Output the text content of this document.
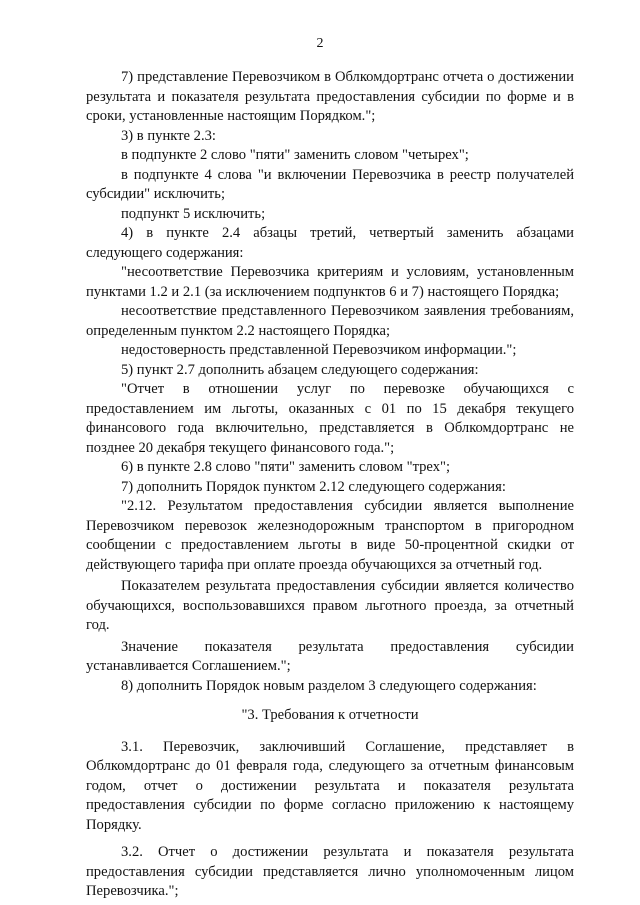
2

7) представление Перевозчиком в Облкомдортранс отчета о достижении результата и показателя результата предоставления субсидии по форме и в сроки, установленные настоящим Порядком.";

3) в пункте 2.3:

в подпункте 2 слово "пяти" заменить словом "четырех";

в подпункте 4 слова "и включении Перевозчика в реестр получателей субсидии" исключить;

подпункт 5 исключить;

4) в пункте 2.4 абзацы третий, четвертый заменить абзацами следующего содержания:

"несоответствие Перевозчика критериям и условиям, установленным пунктами 1.2 и 2.1 (за исключением подпунктов 6 и 7) настоящего Порядка;

несоответствие представленного Перевозчиком заявления требованиям, определенным пунктом 2.2 настоящего Порядка;

недостоверность представленной Перевозчиком информации.";

5) пункт 2.7 дополнить абзацем следующего содержания:

"Отчет в отношении услуг по перевозке обучающихся с предоставлением им льготы, оказанных с 01 по 15 декабря текущего финансового года включительно, представляется в Облкомдортранс не позднее 20 декабря текущего финансового года.";

6) в пункте 2.8 слово "пяти" заменить словом "трех";

7) дополнить Порядок пунктом 2.12 следующего содержания:

"2.12. Результатом предоставления субсидии является выполнение Перевозчиком перевозок железнодорожным транспортом в пригородном сообщении с предоставлением льготы в виде 50-процентной скидки от действующего тарифа при оплате проезда обучающихся за отчетный год.

Показателем результата предоставления субсидии является количество обучающихся, воспользовавшихся правом льготного проезда, за отчетный год.

Значение показателя результата предоставления субсидии устанавливается Соглашением.";

8) дополнить Порядок новым разделом 3 следующего содержания:

"3. Требования к отчетности

3.1. Перевозчик, заключивший Соглашение, представляет в Облкомдортранс до 01 февраля года, следующего за отчетным финансовым годом, отчет о достижении результата и показателя результата предоставления субсидии по форме согласно приложению к настоящему Порядку.

3.2. Отчет о достижении результата и показателя результата предоставления субсидии представляется лично уполномоченным лицом Перевозчика.";
